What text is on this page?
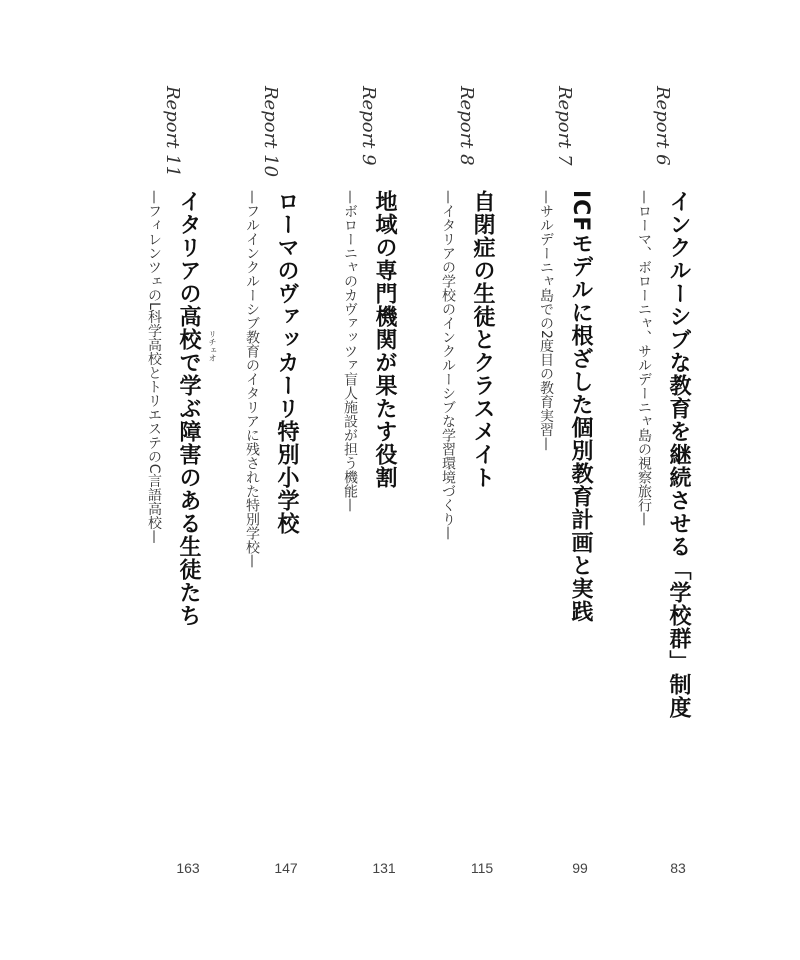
Report 6
インクルーシブな教育を継続させる「学校群」制度
—ローマ、ボローニャ、サルデーニャ島の視察旅行—
83
Report 7
ICFモデルに根ざした個別教育計画と実践
—サルデーニャ島での2度目の教育実習—
99
Report 8
自閉症の生徒とクラスメイト
—イタリアの学校のインクルーシブな学習環境づくり—
115
Report 9
地域の専門機関が果たす役割
—ボローニャのカヴァッツァ盲人施設が担う機能—
131
Report 10
ローマのヴァッカーリ特別小学校
—フルインクルーシブ教育のイタリアに残された特別学校—
147
Report 11
イタリアの高校で学ぶ障害のある生徒たち
—フィレンツェのL科学高校とトリエステのC言語高校—
163
リチェオ
